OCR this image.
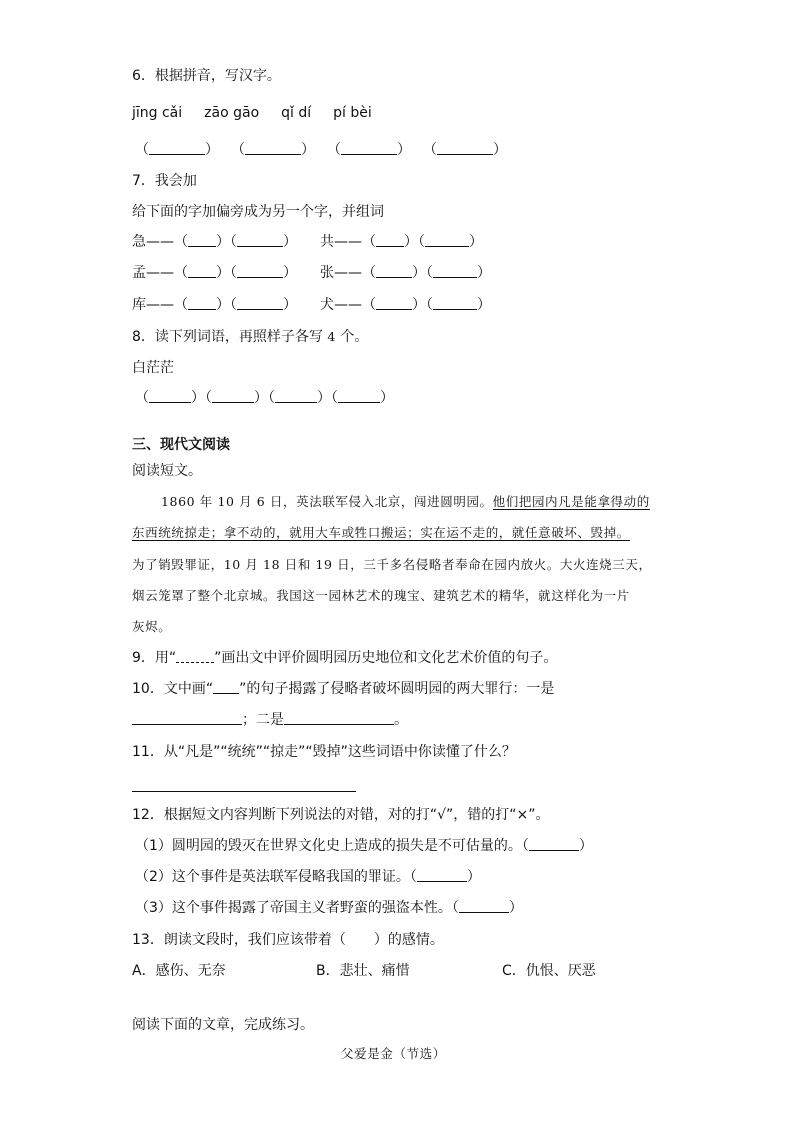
6．根据拼音，写汉字。
jīng cǎi zāo gāo qǐ dí pí bèi
（	） （	） （	） （	）
7．我会加
给下面的字加偏旁成为另一个字，并组词
急——（ ）（	） 共——（ ）（	）
孟——（ ）（	） 张——（	）（	）
库——（ ）（	） 犬——（	）（	）
8．读下列词语，再照样子各写 4 个。
白茫茫
（	）（	）（	）（	）
三、现代文阅读
阅读短文。
1860 年 10 月 6 日，英法联军侵入北京，闯进圆明园。他们把园内凡是能拿得动的
东西统统掠走；拿不动的，就用大车或牲口搬运；实在运不走的，就任意破坏、毁掉。
为了销毁罪证，10 月 18 日和 19 日，三千多名侵略者奉命在园内放火。大火连烧三天，
烟云笼罩了整个北京城。我国这一园林艺术的瑰宝、建筑艺术的精华，就这样化为一片
灰烬。
9．用“	”画出文中评价圆明园历史地位和文化艺术价值的句子。
10．文中画“ ”的句子揭露了侵略者破坏圆明园的两大罪行：一是
；二是	。
11．从“凡是”“统统”“掠走”“毁掉”这些词语中你读懂了什么？
12．根据短文内容判断下列说法的对错，对的打“√”，错的打“×”。
（1）圆明园的毁灭在世界文化史上造成的损失是不可估量的。（	）
（2）这个事件是英法联军侵略我国的罪证。（	）
（3）这个事件揭露了帝国主义者野蛮的强盗本性。（	）
13．朗读文段时，我们应该带着（　　）的感情。
A．感伤、无奈	B．悲壮、痛惜	C．仇恨、厌恶
阅读下面的文章，完成练习。
父爱是金（节选）
